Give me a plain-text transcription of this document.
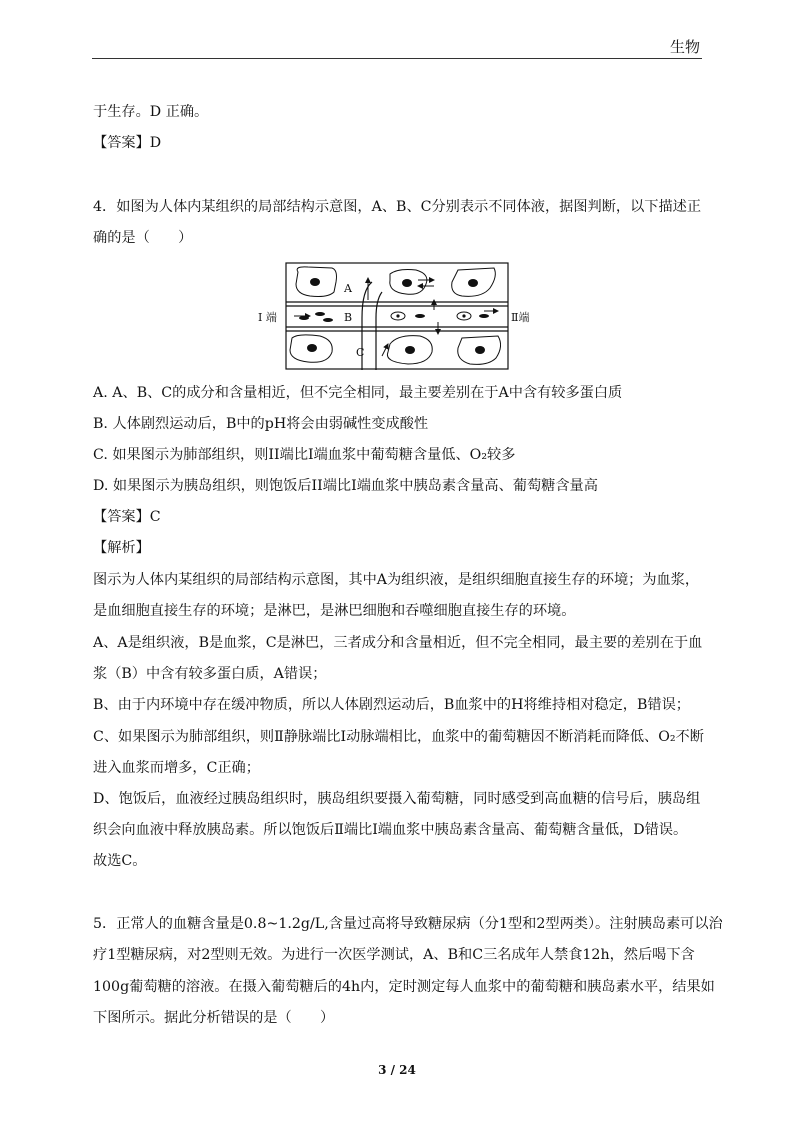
生物
于生存。D 正确。
【答案】D
4．如图为人体内某组织的局部结构示意图，A、B、C分别表示不同体液，据图判断，以下描述正
确的是（　　）
A
B
C
I 端	Ⅱ端
A. A、B、C的成分和含量相近，但不完全相同，最主要差别在于A中含有较多蛋白质
B. 人体剧烈运动后，B中的pH将会由弱碱性变成酸性
C. 如果图示为肺部组织，则II端比I端血浆中葡萄糖含量低、O₂较多
D. 如果图示为胰岛组织，则饱饭后II端比I端血浆中胰岛素含量高、葡萄糖含量高
【答案】C
【解析】
图示为人体内某组织的局部结构示意图，其中A为组织液，是组织细胞直接生存的环境；为血浆，
是血细胞直接生存的环境；是淋巴，是淋巴细胞和吞噬细胞直接生存的环境。
A、A是组织液，B是血浆，C是淋巴，三者成分和含量相近，但不完全相同，最主要的差别在于血
浆（B）中含有较多蛋白质，A错误；
B、由于内环境中存在缓冲物质，所以人体剧烈运动后，B血浆中的H将维持相对稳定，B错误；
C、如果图示为肺部组织，则Ⅱ静脉端比I动脉端相比，血浆中的葡萄糖因不断消耗而降低、O₂不断
进入血浆而增多，C正确；
D、饱饭后，血液经过胰岛组织时，胰岛组织要摄入葡萄糖，同时感受到高血糖的信号后，胰岛组
织会向血液中释放胰岛素。所以饱饭后Ⅱ端比I端血浆中胰岛素含量高、葡萄糖含量低，D错误。
故选C。
5．正常人的血糖含量是0.8~1.2g/L,含量过高将导致糖尿病（分1型和2型两类）。注射胰岛素可以治
疗1型糖尿病，对2型则无效。为进行一次医学测试，A、B和C三名成年人禁食12h，然后喝下含
100g葡萄糖的溶液。在摄入葡萄糖后的4h内，定时测定每人血浆中的葡萄糖和胰岛素水平，结果如
下图所示。据此分析错误的是（　　）
3 / 24
